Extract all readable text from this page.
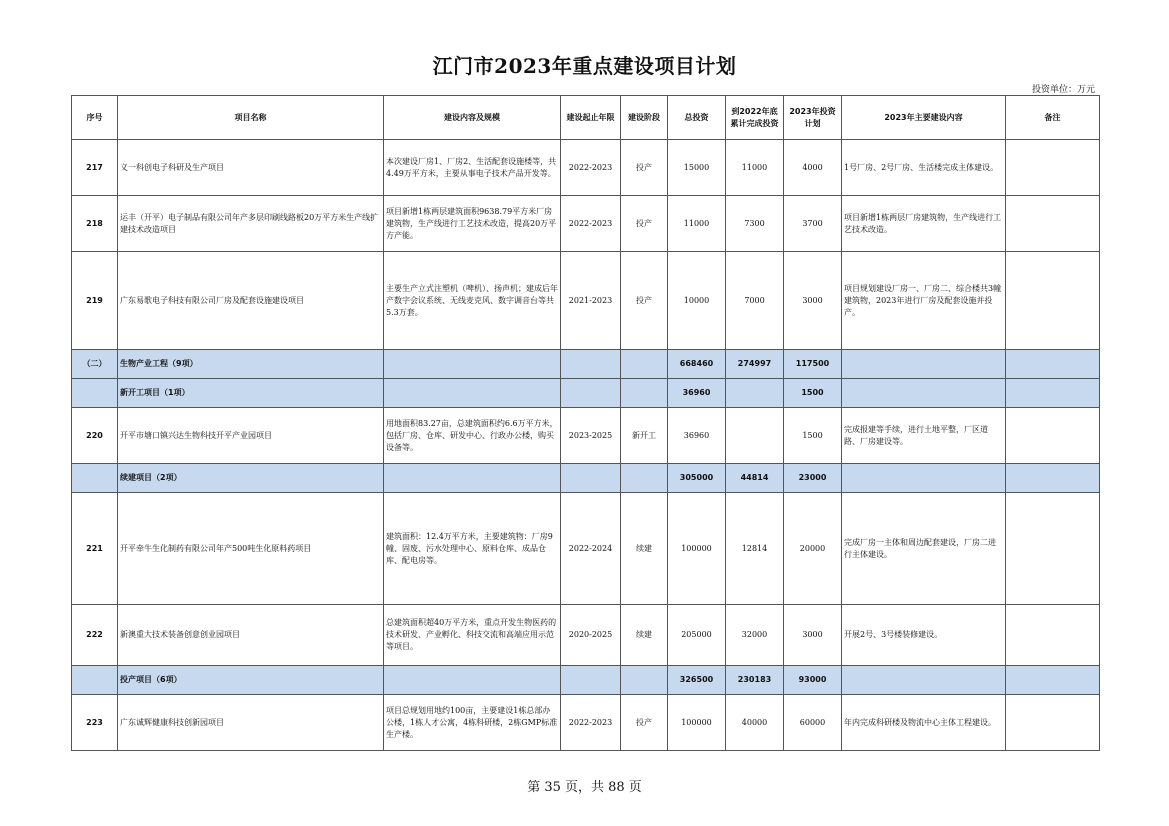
江门市2023年重点建设项目计划
投资单位：万元
序号	项目名称	建设内容及规模	建设起止年限	建设阶段	总投资	到2022年底累计完成投资	2023年投资计划	2023年主要建设内容	备注
217	义一科创电子科研及生产项目	本次建设厂房1、厂房2、生活配套设施楼等，共4.49万平方米，主要从事电子技术产品开发等。	2022-2023	投产	15000	11000	4000	1号厂房、2号厂房、生活楼完成主体建设。	
218	运丰（开平）电子制品有限公司年产多层印刷线路板20万平方米生产线扩建技术改造项目	项目新增1栋两层建筑面积9638.79平方米厂房建筑物，生产线进行工艺技术改造，提高20万平方产能。	2022-2023	投产	11000	7300	3700	项目新增1栋两层厂房建筑物，生产线进行工艺技术改造。	
219	广东易歌电子科技有限公司厂房及配套设施建设项目	主要生产立式注塑机（啤机）、扬声机；建成后年产数字会议系统、无线麦克风、数字调音台等共5.3万套。	2021-2023	投产	10000	7000	3000	项目规划建设厂房一、厂房二、综合楼共3幢建筑物，2023年进行厂房及配套设施并投产。	
（二）	生物产业工程（9项）				668460	274997	117500		
	新开工项目（1项）				36960		1500		
220	开平市塘口镇兴达生物科技开平产业园项目	用地面积83.27亩，总建筑面积约6.6万平方米，包括厂房、仓库、研发中心、行政办公楼，购买设备等。	2023-2025	新开工	36960		1500	完成报建等手续，进行土地平整，厂区道路、厂房建设等。	
	续建项目（2项）				305000	44814	23000		
221	开平牵牛生化制药有限公司年产500吨生化原料药项目	建筑面积：12.4万平方米，主要建筑物：厂房9幢、固废、污水处理中心、原料仓库、成品仓库、配电房等。	2022-2024	续建	100000	12814	20000	完成厂房一主体和周边配套建设，厂房二进行主体建设。	
222	新澳重大技术装备创意创业园项目	总建筑面积超40万平方米，重点开发生物医药的技术研发、产业孵化、科技交流和高端应用示范等项目。	2020-2025	续建	205000	32000	3000	开展2号、3号楼装修建设。	
	投产项目（6项）				326500	230183	93000		
223	广东诚辉健康科技创新园项目	项目总规划用地约100亩，主要建设1栋总部办公楼，1栋人才公寓，4栋科研楼，2栋GMP标准生产楼。	2022-2023	投产	100000	40000	60000	年内完成科研楼及物流中心主体工程建设。	
第 35 页，共 88 页
